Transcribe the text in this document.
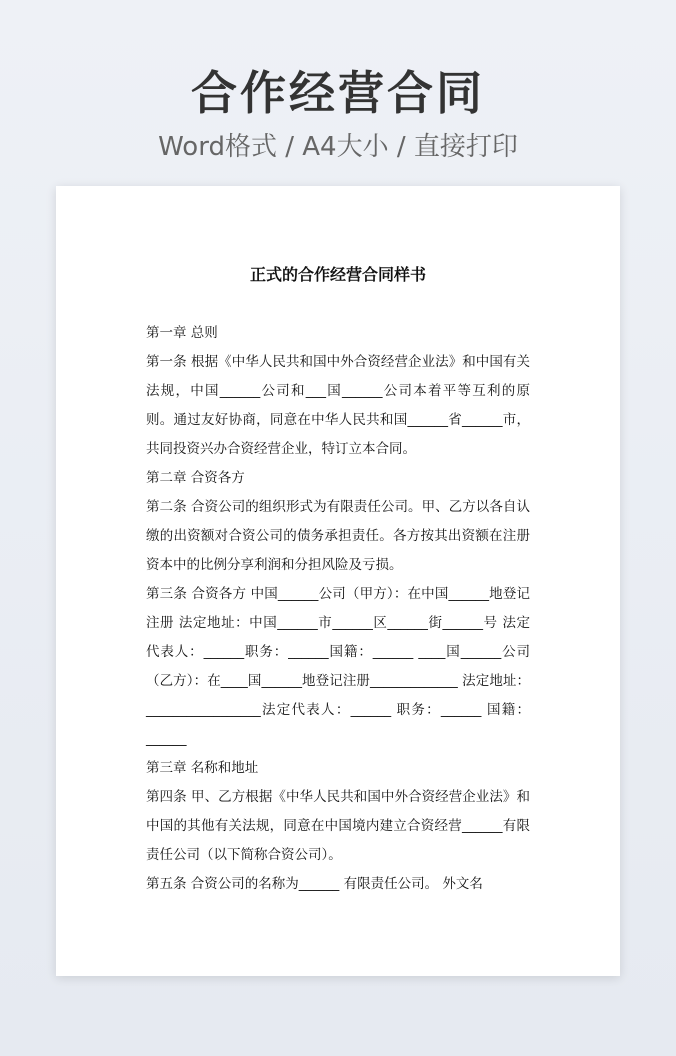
合作经营合同
Word格式 / A4大小 / 直接打印
正式的合作经营合同样书

第一章 总则

第一条 根据《中华人民共和国中外合资经营企业法》和中国有关法规，中国______公司和___国______公司本着平等互利的原则。通过友好协商，同意在中华人民共和国______省______市，共同投资兴办合资经营企业，特订立本合同。

第二章 合资各方

第二条 合资公司的组织形式为有限责任公司。甲、乙方以各自认缴的出资额对合资公司的债务承担责任。各方按其出资额在注册资本中的比例分享利润和分担风险及亏损。

第三条 合资各方 中国______公司（甲方）：在中国______地登记注册 法定地址：中国______市______区______街______号 法定代表人：______职务：______国籍：______ ____国______公司（乙方）：在____国______地登记注册_____________ 法定地址：_________________法定代表人：______ 职务：______ 国籍：______

第三章 名称和地址

第四条 甲、乙方根据《中华人民共和国中外合资经营企业法》和中国的其他有关法规，同意在中国境内建立合资经营______有限责任公司（以下简称合资公司）。

第五条 合资公司的名称为______ 有限责任公司。 外文名
